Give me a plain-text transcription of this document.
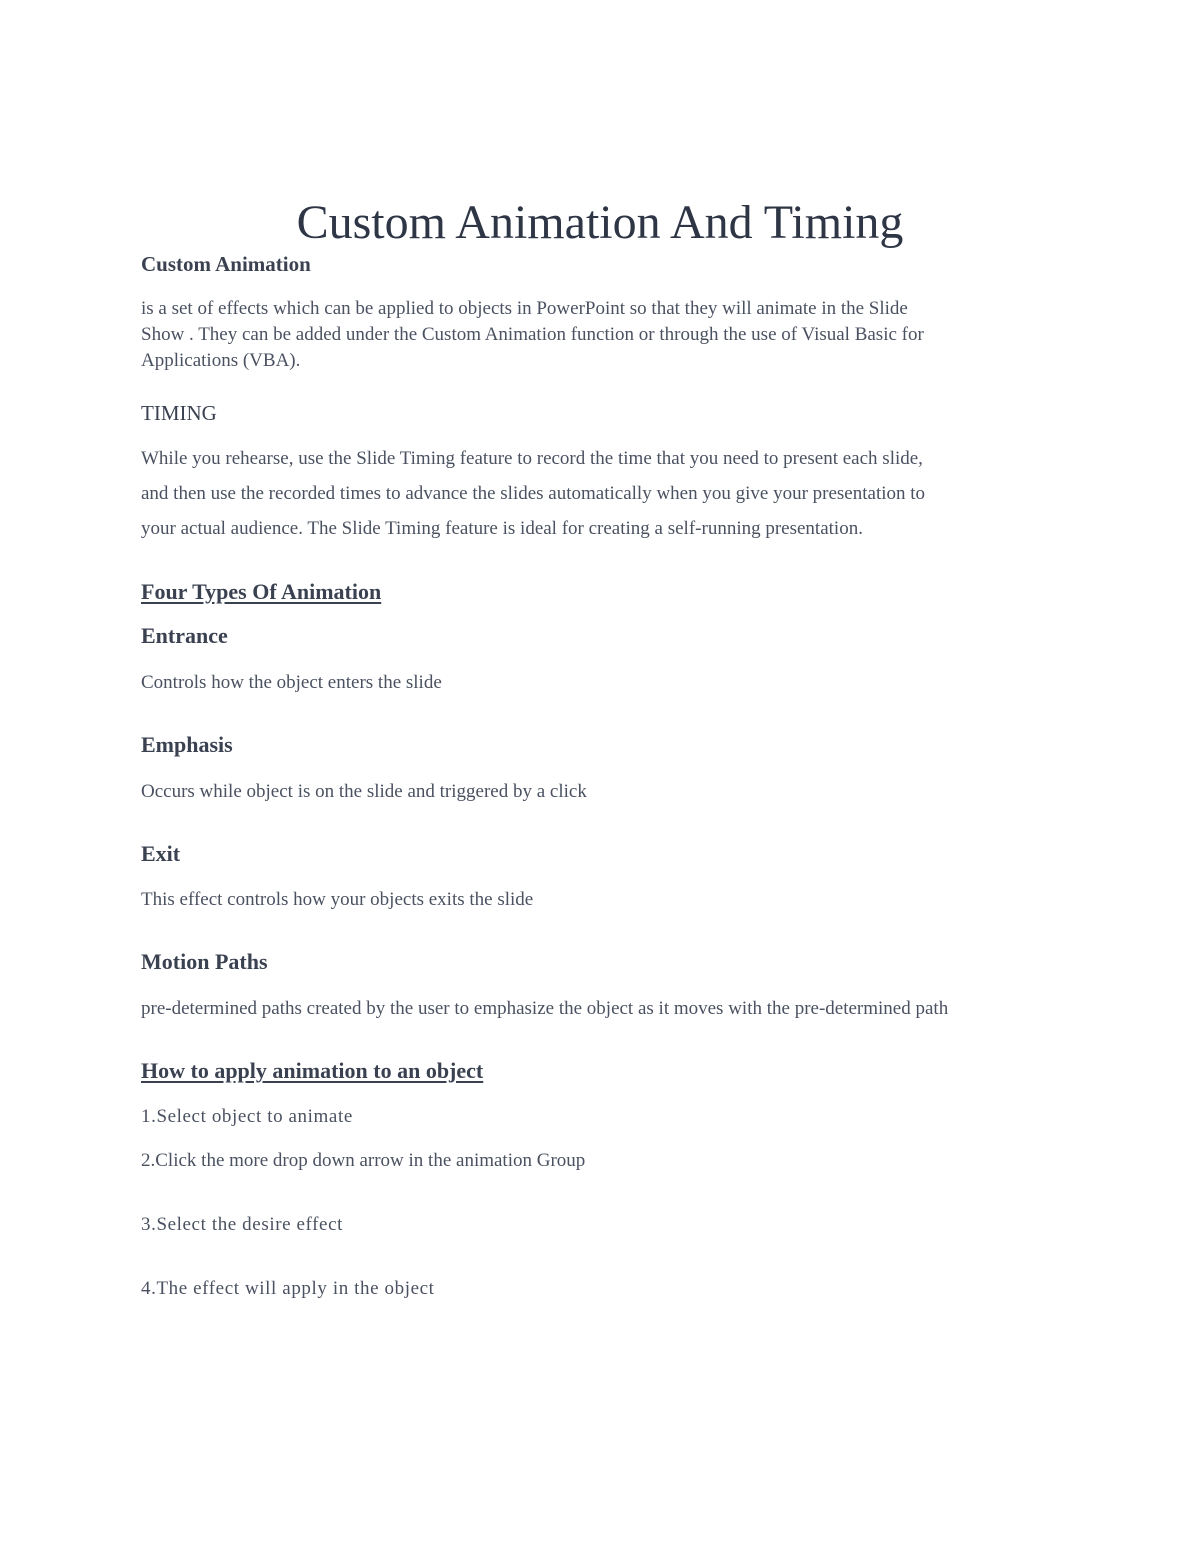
Custom Animation And Timing
Custom Animation

is a set of effects which can be applied to objects in PowerPoint so that they will animate in the Slide

Show . They can be added under the Custom Animation function or through the use of Visual Basic for

Applications (VBA).

TIMING

While you rehearse, use the Slide Timing feature to record the time that you need to present each slide,

and then use the recorded times to advance the slides automatically when you give your presentation to

your actual audience. The Slide Timing feature is ideal for creating a self-running presentation.

Four Types Of Animation
Entrance

Controls how the object enters the slide

Emphasis

Occurs while object is on the slide and triggered by a click

Exit

This effect controls how your objects exits the slide

Motion Paths

pre-determined paths created by the user to emphasize the object as it moves with the pre-determined path

How to apply animation to an object

1.Select object to animate

2.Click the more drop down arrow in the animation Group

3.Select the desire effect

4.The effect will apply in the object
